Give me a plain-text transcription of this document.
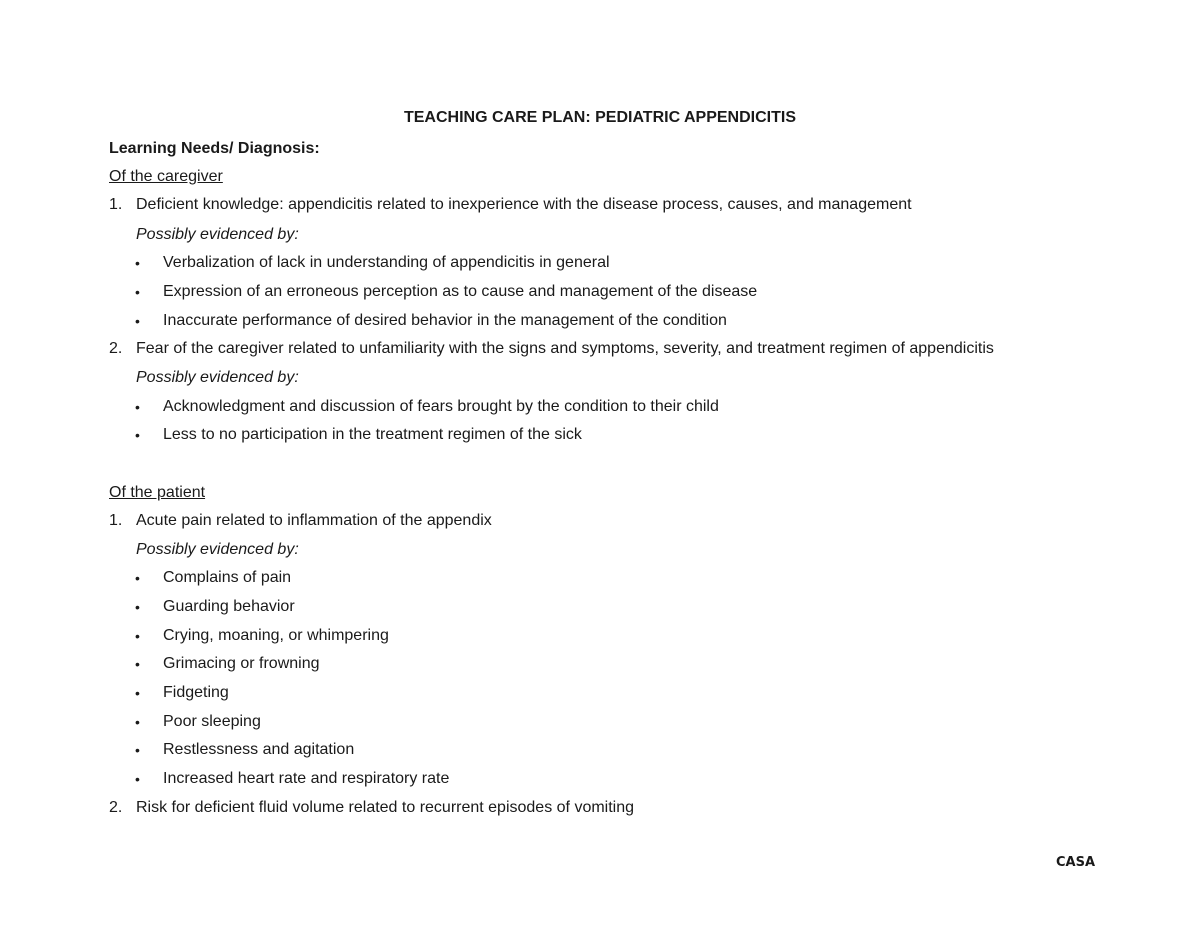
TEACHING CARE PLAN: PEDIATRIC APPENDICITIS
Learning Needs/ Diagnosis:
Of the caregiver
1. Deficient knowledge: appendicitis related to inexperience with the disease process, causes, and management
Possibly evidenced by:
• Verbalization of lack in understanding of appendicitis in general
• Expression of an erroneous perception as to cause and management of the disease
• Inaccurate performance of desired behavior in the management of the condition
2. Fear of the caregiver related to unfamiliarity with the signs and symptoms, severity, and treatment regimen of appendicitis
Possibly evidenced by:
• Acknowledgment and discussion of fears brought by the condition to their child
• Less to no participation in the treatment regimen of the sick
Of the patient
1. Acute pain related to inflammation of the appendix
Possibly evidenced by:
• Complains of pain
• Guarding behavior
• Crying, moaning, or whimpering
• Grimacing or frowning
• Fidgeting
• Poor sleeping
• Restlessness and agitation
• Increased heart rate and respiratory rate
2. Risk for deficient fluid volume related to recurrent episodes of vomiting
CASA
